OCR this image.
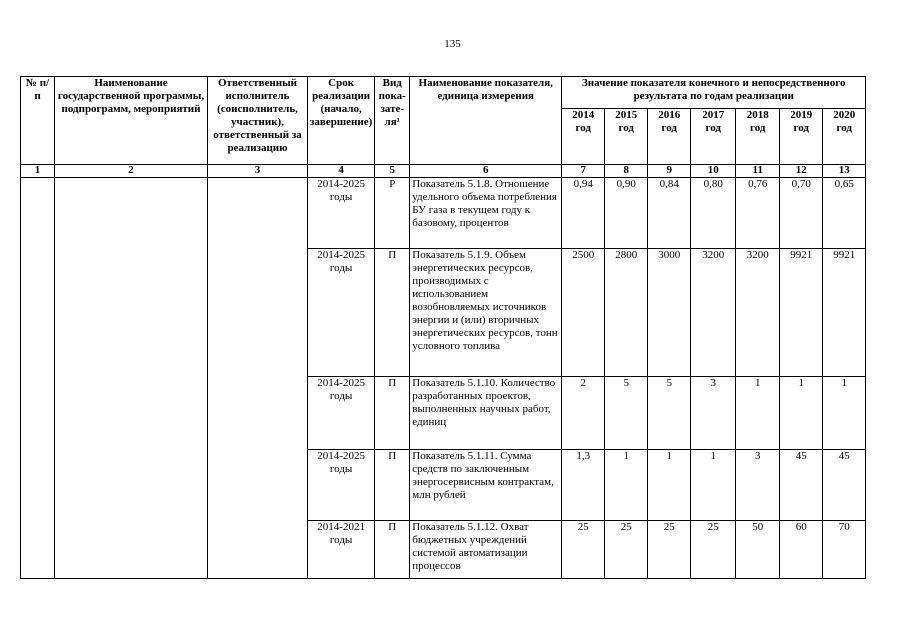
135
№ п/п	Наименование государственной программы, подпрограмм, мероприятий	Ответственный исполнитель (соисполнитель, участник), ответственный за реализацию	Срок реализации (начало, завершение)	Вид пока-зате-ля¹	Наименование показателя, единица измерения	Значение показателя конечного и непосредственного результата по годам реализации						
						2014 год	2015 год	2016 год	2017 год	2018 год	2019 год	2020 год
1	2	3	4	5	6	7	8	9	10	11	12	13
			2014-2025 годы	Р	Показатель 5.1.8. Отношение удельного объема потребления БУ газа в текущем году к базовому, процентов	0,94	0,90	0,84	0,80	0,76	0,70	0,65
			2014-2025 годы	П	Показатель 5.1.9. Объем энергетических ресурсов, производимых с использованием возобновляемых источников энергии и (или) вторичных энергетических ресурсов, тонн условного топлива	2500	2800	3000	3200	3200	9921	9921
			2014-2025 годы	П	Показатель 5.1.10. Количество разработанных проектов, выполненных научных работ, единиц	2	5	5	3	1	1	1
			2014-2025 годы	П	Показатель 5.1.11. Сумма средств по заключенным энергосервисным контрактам, млн рублей	1,3	1	1	1	3	45	45
			2014-2021 годы	П	Показатель 5.1.12. Охват бюджетных учреждений системой автоматизации процессов	25	25	25	25	50	60	70
